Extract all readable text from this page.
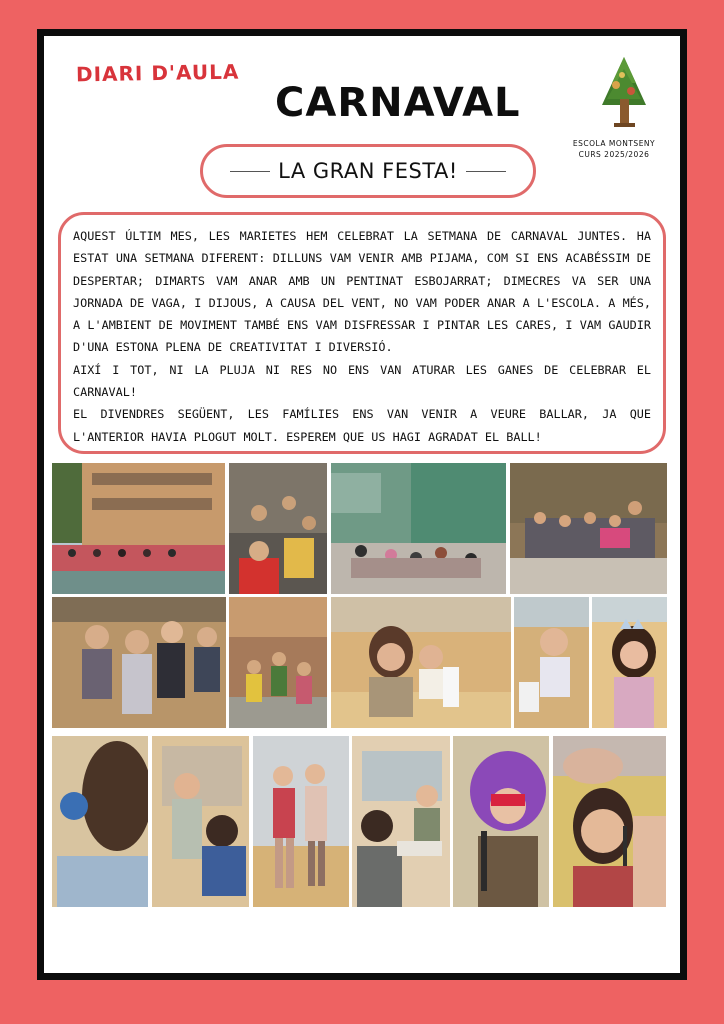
DIARI D'AULA
CARNAVAL
ESCOLA MONTSENY
CURS 2025/2026
LA GRAN FESTA!

AQUEST ÚLTIM MES, LES MARIETES HEM CELEBRAT LA SETMANA DE CARNAVAL JUNTES. HA ESTAT UNA SETMANA DIFERENT: DILLUNS VAM VENIR AMB PIJAMA, COM SI ENS ACABÉSSIM DE DESPERTAR; DIMARTS VAM ANAR AMB UN PENTINAT ESBOJARRAT; DIMECRES VA SER UNA JORNADA DE VAGA, I DIJOUS, A CAUSA DEL VENT, NO VAM PODER ANAR A L'ESCOLA. A MÉS, A L'AMBIENT DE MOVIMENT TAMBÉ ENS VAM DISFRESSAR I PINTAR LES CARES, I VAM GAUDIR D'UNA ESTONA PLENA DE CREATIVITAT I DIVERSIÓ.

AIXÍ I TOT, NI LA PLUJA NI RES NO ENS VAN ATURAR LES GANES DE CELEBRAR EL CARNAVAL!

EL DIVENDRES SEGÜENT, LES FAMÍLIES ENS VAN VENIR A VEURE BALLAR, JA QUE L'ANTERIOR HAVIA PLOGUT MOLT. ESPEREM QUE US HAGI AGRADAT EL BALL!
